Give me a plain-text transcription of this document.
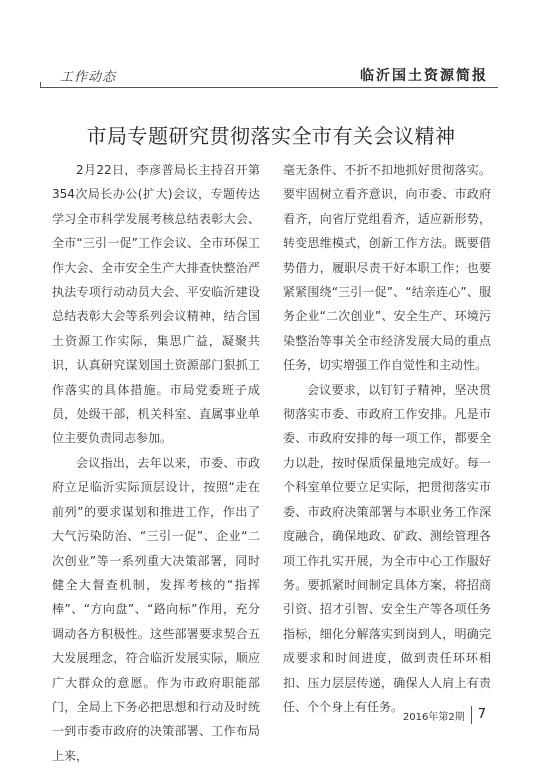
工作动态	临沂国土资源简报
市局专题研究贯彻落实全市有关会议精神

2月22日，李彦普局长主持召开第354次局长办公(扩大)会议，专题传达学习全市科学发展考核总结表彰大会、全市“三引一促”工作会议、全市环保工作大会、全市安全生产大排查快整治严执法专项行动动员大会、平安临沂建设总结表彰大会等系列会议精神，结合国土资源工作实际，集思广益，凝聚共识，认真研究谋划国土资源部门狠抓工作落实的具体措施。市局党委班子成员，处级干部，机关科室、直属事业单位主要负责同志参加。

会议指出，去年以来，市委、市政府立足临沂实际顶层设计，按照“走在前列”的要求谋划和推进工作，作出了大气污染防治、“三引一促”、企业“二次创业”等一系列重大决策部署，同时健全大督查机制，发挥考核的“指挥棒”、“方向盘”、“路向标”作用，充分调动各方积极性。这些部署要求契合五大发展理念，符合临沂发展实际，顺应广大群众的意愿。作为市政府职能部门，全局上下务必把思想和行动及时统一到市委市政府的决策部署、工作布局上来，

毫无条件、不折不扣地抓好贯彻落实。要牢固树立看齐意识，向市委、市政府看齐，向省厅党组看齐，适应新形势，转变思维模式，创新工作方法。既要借势借力，履职尽责干好本职工作；也要紧紧围绕“三引一促”、“结亲连心”、服务企业“二次创业”、安全生产、环境污染整治等事关全市经济发展大局的重点任务，切实增强工作自觉性和主动性。

会议要求，以钉钉子精神，坚决贯彻落实市委、市政府工作安排。凡是市委、市政府安排的每一项工作，都要全力以赴，按时保质保量地完成好。每一个科室单位要立足实际，把贯彻落实市委、市政府决策部署与本职业务工作深度融合，确保地政、矿政、测绘管理各项工作扎实开展，为全市中心工作服好务。要抓紧时间制定具体方案，将招商引资、招才引智、安全生产等各项任务指标，细化分解落实到岗到人，明确完成要求和时间进度，做到责任环环相扣、压力层层传递，确保人人肩上有责任、个个身上有任务。

2016年第2期	7
